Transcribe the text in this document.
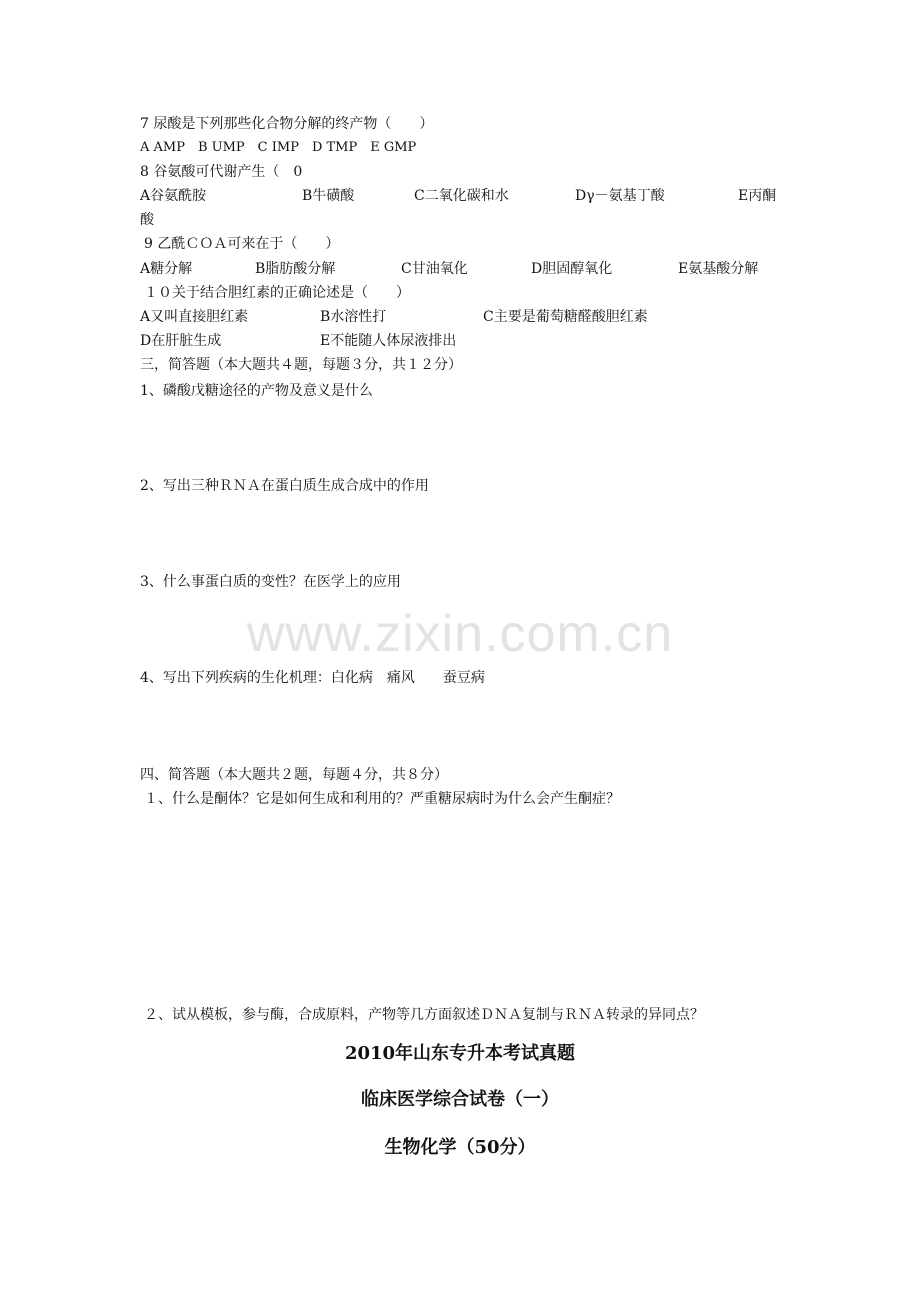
www.zixin.com.cn
7 尿酸是下列那些化合物分解的终产物（　　）
A AMP　B UMP　C IMP　D TMP　E GMP
8 谷氨酸可代谢产生（　0
A谷氨酰胺	B牛磺酸	C二氧化碳和水	Dγ－氨基丁酸	E丙酮
酸
9 乙酰ＣＯＡ可来在于（　　）
A糖分解	B脂肪酸分解	C甘油氧化	D胆固醇氧化	E氨基酸分解
１０关于结合胆红素的正确论述是（　　）
A又叫直接胆红素	B水溶性打	C主要是葡萄糖醛酸胆红素
D在肝脏生成	E不能随人体尿液排出
三，简答题（本大题共４题，每题３分，共１２分）
1、磷酸戊糖途径的产物及意义是什么
2、写出三种ＲＮＡ在蛋白质生成合成中的作用
3、什么事蛋白质的变性？在医学上的应用
4、写出下列疾病的生化机理：白化病　痛风　　蚕豆病
四、简答题（本大题共２题，每题４分，共８分）
１、什么是酮体？它是如何生成和利用的？严重糖尿病时为什么会产生酮症？
２、试从模板，参与酶，合成原料，产物等几方面叙述ＤＮＡ复制与ＲＮＡ转录的异同点？
2010年山东专升本考试真题
临床医学综合试卷（一）
生物化学（50分）
